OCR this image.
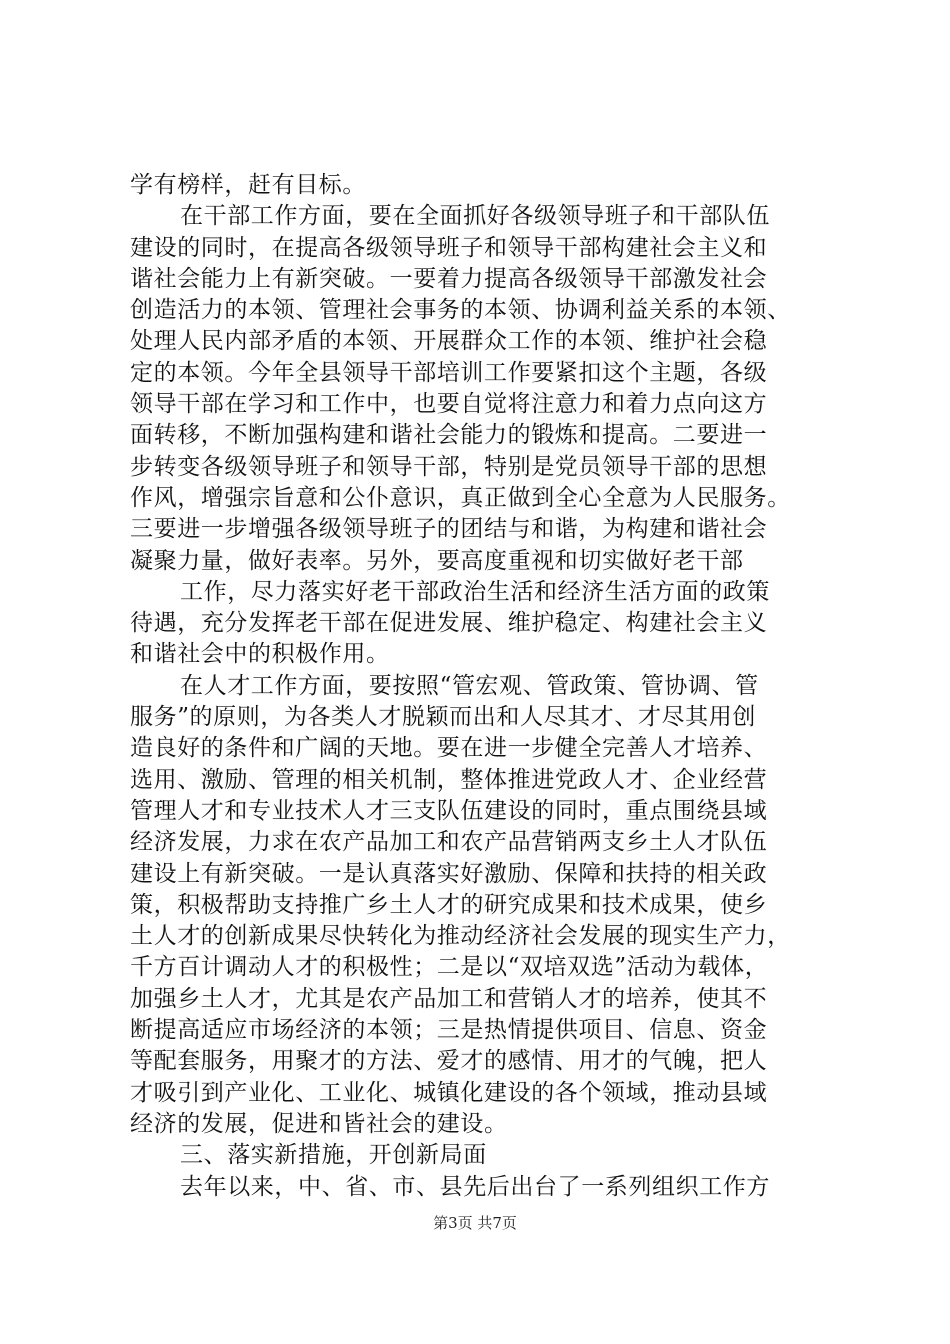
学有榜样，赶有目标。
在干部工作方面，要在全面抓好各级领导班子和干部队伍
建设的同时，在提高各级领导班子和领导干部构建社会主义和
谐社会能力上有新突破。一要着力提高各级领导干部激发社会
创造活力的本领、管理社会事务的本领、协调利益关系的本领、
处理人民内部矛盾的本领、开展群众工作的本领、维护社会稳
定的本领。今年全县领导干部培训工作要紧扣这个主题，各级
领导干部在学习和工作中，也要自觉将注意力和着力点向这方
面转移，不断加强构建和谐社会能力的锻炼和提高。二要进一
步转变各级领导班子和领导干部，特别是党员领导干部的思想
作风，增强宗旨意和公仆意识，真正做到全心全意为人民服务。
三要进一步增强各级领导班子的团结与和谐，为构建和谐社会
凝聚力量，做好表率。另外，要高度重视和切实做好老干部
工作，尽力落实好老干部政治生活和经济生活方面的政策
待遇，充分发挥老干部在促进发展、维护稳定、构建社会主义
和谐社会中的积极作用。
在人才工作方面，要按照“管宏观、管政策、管协调、管
服务”的原则，为各类人才脱颖而出和人尽其才、才尽其用创
造良好的条件和广阔的天地。要在进一步健全完善人才培养、
选用、激励、管理的相关机制，整体推进党政人才、企业经营
管理人才和专业技术人才三支队伍建设的同时，重点围绕县域
经济发展，力求在农产品加工和农产品营销两支乡土人才队伍
建设上有新突破。一是认真落实好激励、保障和扶持的相关政
策，积极帮助支持推广乡土人才的研究成果和技术成果，使乡
土人才的创新成果尽快转化为推动经济社会发展的现实生产力，
千方百计调动人才的积极性；二是以“双培双选”活动为载体，
加强乡土人才，尤其是农产品加工和营销人才的培养，使其不
断提高适应市场经济的本领；三是热情提供项目、信息、资金
等配套服务，用聚才的方法、爱才的感情、用才的气魄，把人
才吸引到产业化、工业化、城镇化建设的各个领域，推动县域
经济的发展，促进和皆社会的建设。
三、落实新措施，开创新局面
去年以来，中、省、市、县先后出台了一系列组织工作方
第3页 共7页
